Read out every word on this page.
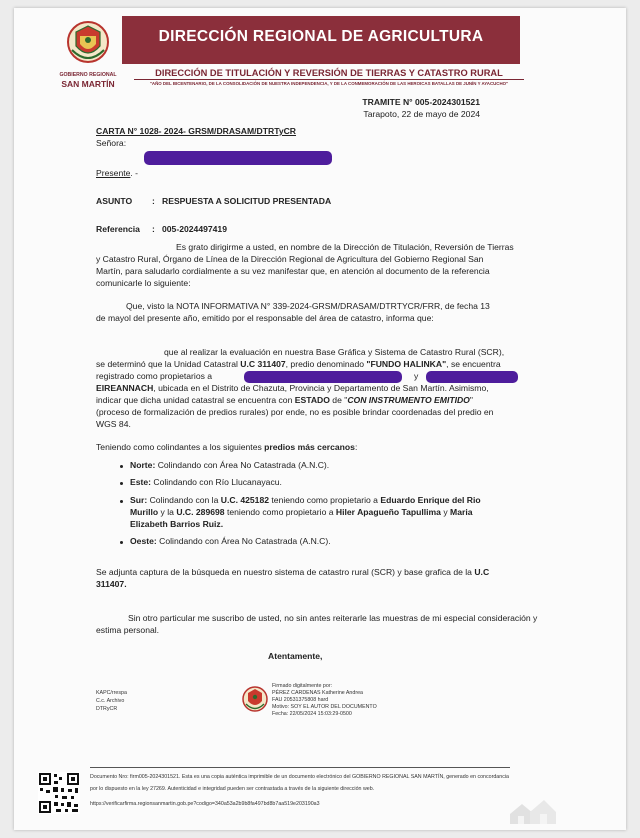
GOBIERNO REGIONAL
SAN MARTÍN
DIRECCIÓN REGIONAL DE AGRICULTURA
DIRECCIÓN DE TITULACIÓN Y REVERSIÓN DE TIERRAS Y CATASTRO RURAL
"AÑO DEL BICENTENARIO, DE LA CONSOLIDACIÓN DE NUESTRA INDEPENDENCIA, Y DE LA CONMEMORACIÓN DE LAS HEROICAS BATALLAS DE JUNÍN Y AYACUCHO"
TRAMITE N° 005-2024301521
Tarapoto, 22 de mayo de 2024
CARTA N° 1028- 2024- GRSM/DRASAM/DTRTyCR
Señora:
Presente. -
ASUNTO : RESPUESTA A SOLICITUD PRESENTADA
Referencia : 005-2024497419
Es grato dirigirme a usted, en nombre de la Dirección de Titulación, Reversión de Tierras
y Catastro Rural, Órgano de Línea de la Dirección Regional de Agricultura del Gobierno Regional San
Martín, para saludarlo cordialmente a su vez manifestar que, en atención al documento de la referencia
comunicarle lo siguiente:
Que, visto la NOTA INFORMATIVA N° 339-2024-GRSM/DRASAM/DTRTYCR/FRR, de fecha 13
de mayol del presente año, emitido por el responsable del área de catastro, informa que:
que al realizar la evaluación en nuestra Base Gráfica y Sistema de Catastro Rural (SCR),
se determinó que la Unidad Catastral U.C 311407, predio denominado "FUNDO HALINKA", se encuentra
registrado como propietarios a	y
EIREANNACH, ubicada en el Distrito de Chazuta, Provincia y Departamento de San Martín. Asimismo,
indicar que dicha unidad catastral se encuentra con ESTADO de "CON INSTRUMENTO EMITIDO"
(proceso de formalización de predios rurales) por ende, no es posible brindar coordenadas del predio en
WGS 84.
Teniendo como colindantes a los siguientes predios más cercanos:
Norte: Colindando con Área No Catastrada (A.N.C).
Este: Colindando con Río Llucanayacu.
Sur: Colindando con la U.C. 425182 teniendo como propietario a Eduardo Enrique del Rio
Murillo y la U.C. 289698 teniendo como propietario a Hiler Apagueño Tapullima y Maria
Elizabeth Barrios Ruiz.
Oeste: Colindando con Área No Catastrada (A.N.C).
Se adjunta captura de la búsqueda en nuestro sistema de catastro rural (SCR) y base grafica de la U.C
311407.
Sin otro particular me suscribo de usted, no sin antes reiterarle las muestras de mi especial consideración y
estima personal.
Atentamente,
KAPC/rrespa
C.c. Archivo
DTRyCR
Firmado digitalmente por:
PÉREZ CARDENAS Katherine Andrea
FAU 20531375808 hard
Motivo: SOY EL AUTOR DEL DOCUMENTO
Fecha: 22/05/2024 15:03:29-0500
Documento Nro: firm005-2024301521. Esta es una copia auténtica imprimible de un documento electrónico del GOBIERNO REGIONAL SAN MARTÍN, generado en concordancia
por lo dispuesto en la ley 27269. Autenticidad e integridad pueden ser contrastada a través de la siguiente dirección web.
https://verificarfirma.regionsanmartin.gob.pe?codigo=340a53a2b9b8fa497bd8b7aa519e203190a3
